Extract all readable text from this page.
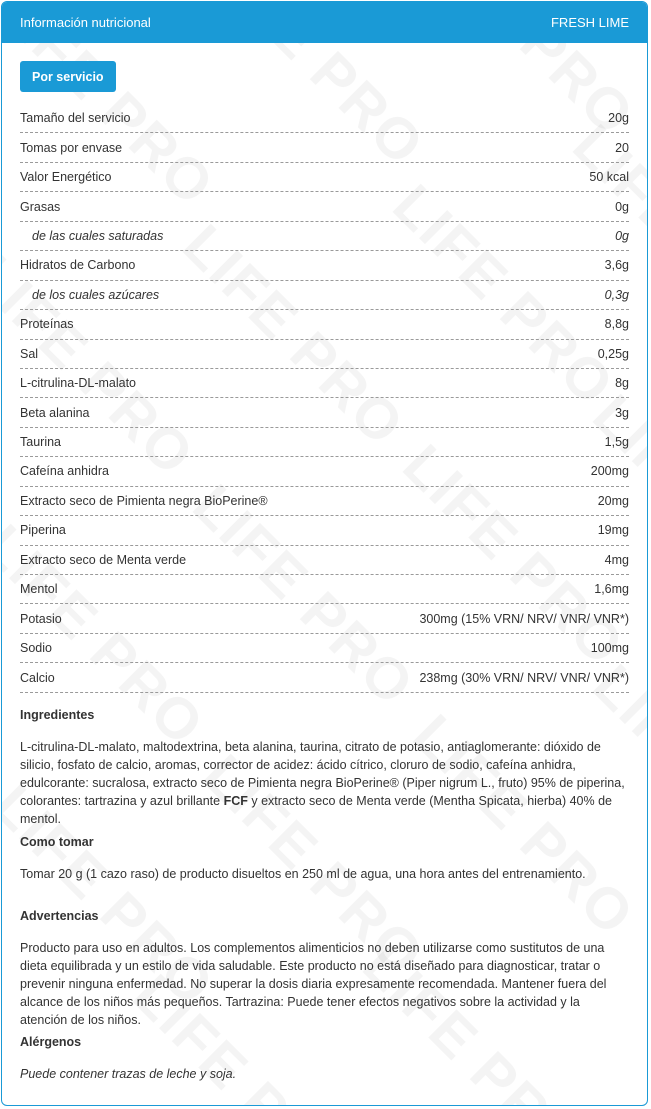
Información nutricional	FRESH LIME
Por servicio
Tamaño del servicio	20g
Tomas por envase	20
Valor Energético	50 kcal
Grasas	0g
de las cuales saturadas	0g
Hidratos de Carbono	3,6g
de los cuales azúcares	0,3g
Proteínas	8,8g
Sal	0,25g
L-citrulina-DL-malato	8g
Beta alanina	3g
Taurina	1,5g
Cafeína anhidra	200mg
Extracto seco de Pimienta negra BioPerine®	20mg
Piperina	19mg
Extracto seco de Menta verde	4mg
Mentol	1,6mg
Potasio	300mg (15% VRN/ NRV/ VNR/ VNR*)
Sodio	100mg
Calcio	238mg (30% VRN/ NRV/ VNR/ VNR*)
Ingredientes

L-citrulina-DL-malato, maltodextrina, beta alanina, taurina, citrato de potasio, antiaglomerante: dióxido de silicio, fosfato de calcio, aromas, corrector de acidez: ácido cítrico, cloruro de sodio, cafeína anhidra, edulcorante: sucralosa, extracto seco de Pimienta negra BioPerine® (Piper nigrum L., fruto) 95% de piperina, colorantes: tartrazina y azul brillante FCF y extracto seco de Menta verde (Mentha Spicata, hierba) 40% de mentol.

Como tomar

Tomar 20 g (1 cazo raso) de producto disueltos en 250 ml de agua, una hora antes del entrenamiento.

Advertencias

Producto para uso en adultos. Los complementos alimenticios no deben utilizarse como sustitutos de una dieta equilibrada y un estilo de vida saludable. Este producto no está diseñado para diagnosticar, tratar o prevenir ninguna enfermedad. No superar la dosis diaria expresamente recomendada. Mantener fuera del alcance de los niños más pequeños. Tartrazina: Puede tener efectos negativos sobre la actividad y la atención de los niños.

Alérgenos

Puede contener trazas de leche y soja.
